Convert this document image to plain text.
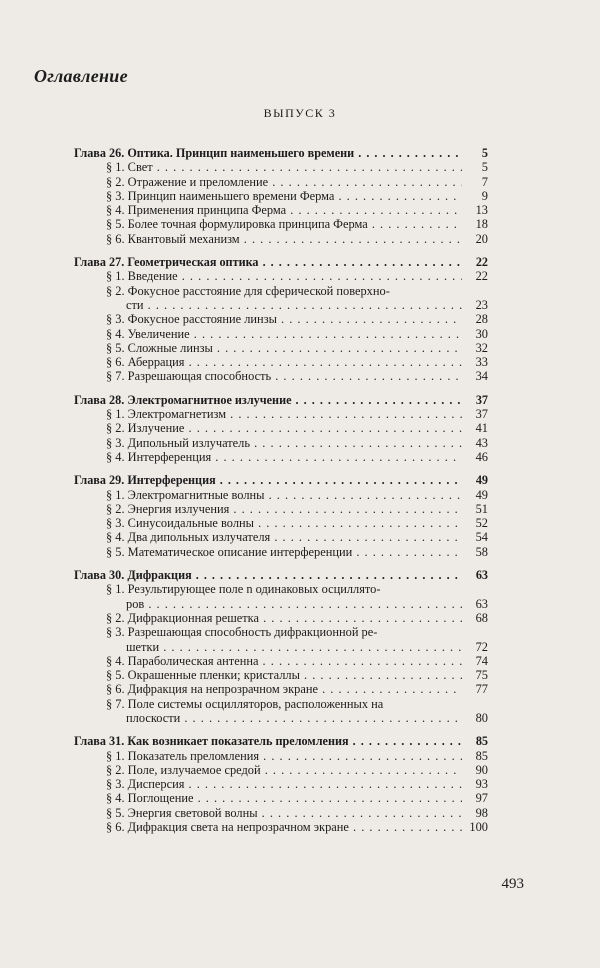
Оглавление
ВЫПУСК 3
Глава 26. Оптика. Принцип наименьшего времени . . .	5
§ 1. Свет . . .	5
§ 2. Отражение и преломление . . .	7
§ 3. Принцип наименьшего времени Ферма . . .	9
§ 4. Применения принципа Ферма . . .	13
§ 5. Более точная формулировка принципа Ферма . . .	18
§ 6. Квантовый механизм . . .	20
Глава 27. Геометрическая оптика . . .	22
§ 1. Введение . . .	22
§ 2. Фокусное расстояние для сферической поверхно-
сти . . .	23
§ 3. Фокусное расстояние линзы . . .	28
§ 4. Увеличение . . .	30
§ 5. Сложные линзы . . .	32
§ 6. Аберрация . . .	33
§ 7. Разрешающая способность . . .	34
Глава 28. Электромагнитное излучение . . .	37
§ 1. Электромагнетизм . . .	37
§ 2. Излучение . . .	41
§ 3. Дипольный излучатель . . .	43
§ 4. Интерференция . . .	46
Глава 29. Интерференция . . .	49
§ 1. Электромагнитные волны . . .	49
§ 2. Энергия излучения . . .	51
§ 3. Синусоидальные волны . . .	52
§ 4. Два дипольных излучателя . . .	54
§ 5. Математическое описание интерференции . . .	58
Глава 30. Дифракция . . .	63
§ 1. Результирующее поле n одинаковых осциллято-
ров . . .	63
§ 2. Дифракционная решетка . . .	68
§ 3. Разрешающая способность дифракционной ре-
шетки . . .	72
§ 4. Параболическая антенна . . .	74
§ 5. Окрашенные пленки; кристаллы . . .	75
§ 6. Дифракция на непрозрачном экране . . .	77
§ 7. Поле системы осцилляторов, расположенных на
плоскости . . .	80
Глава 31. Как возникает показатель преломления . . .	85
§ 1. Показатель преломления . . .	85
§ 2. Поле, излучаемое средой . . .	90
§ 3. Дисперсия . . .	93
§ 4. Поглощение . . .	97
§ 5. Энергия световой волны . . .	98
§ 6. Дифракция света на непрозрачном экране . . .	100
493
